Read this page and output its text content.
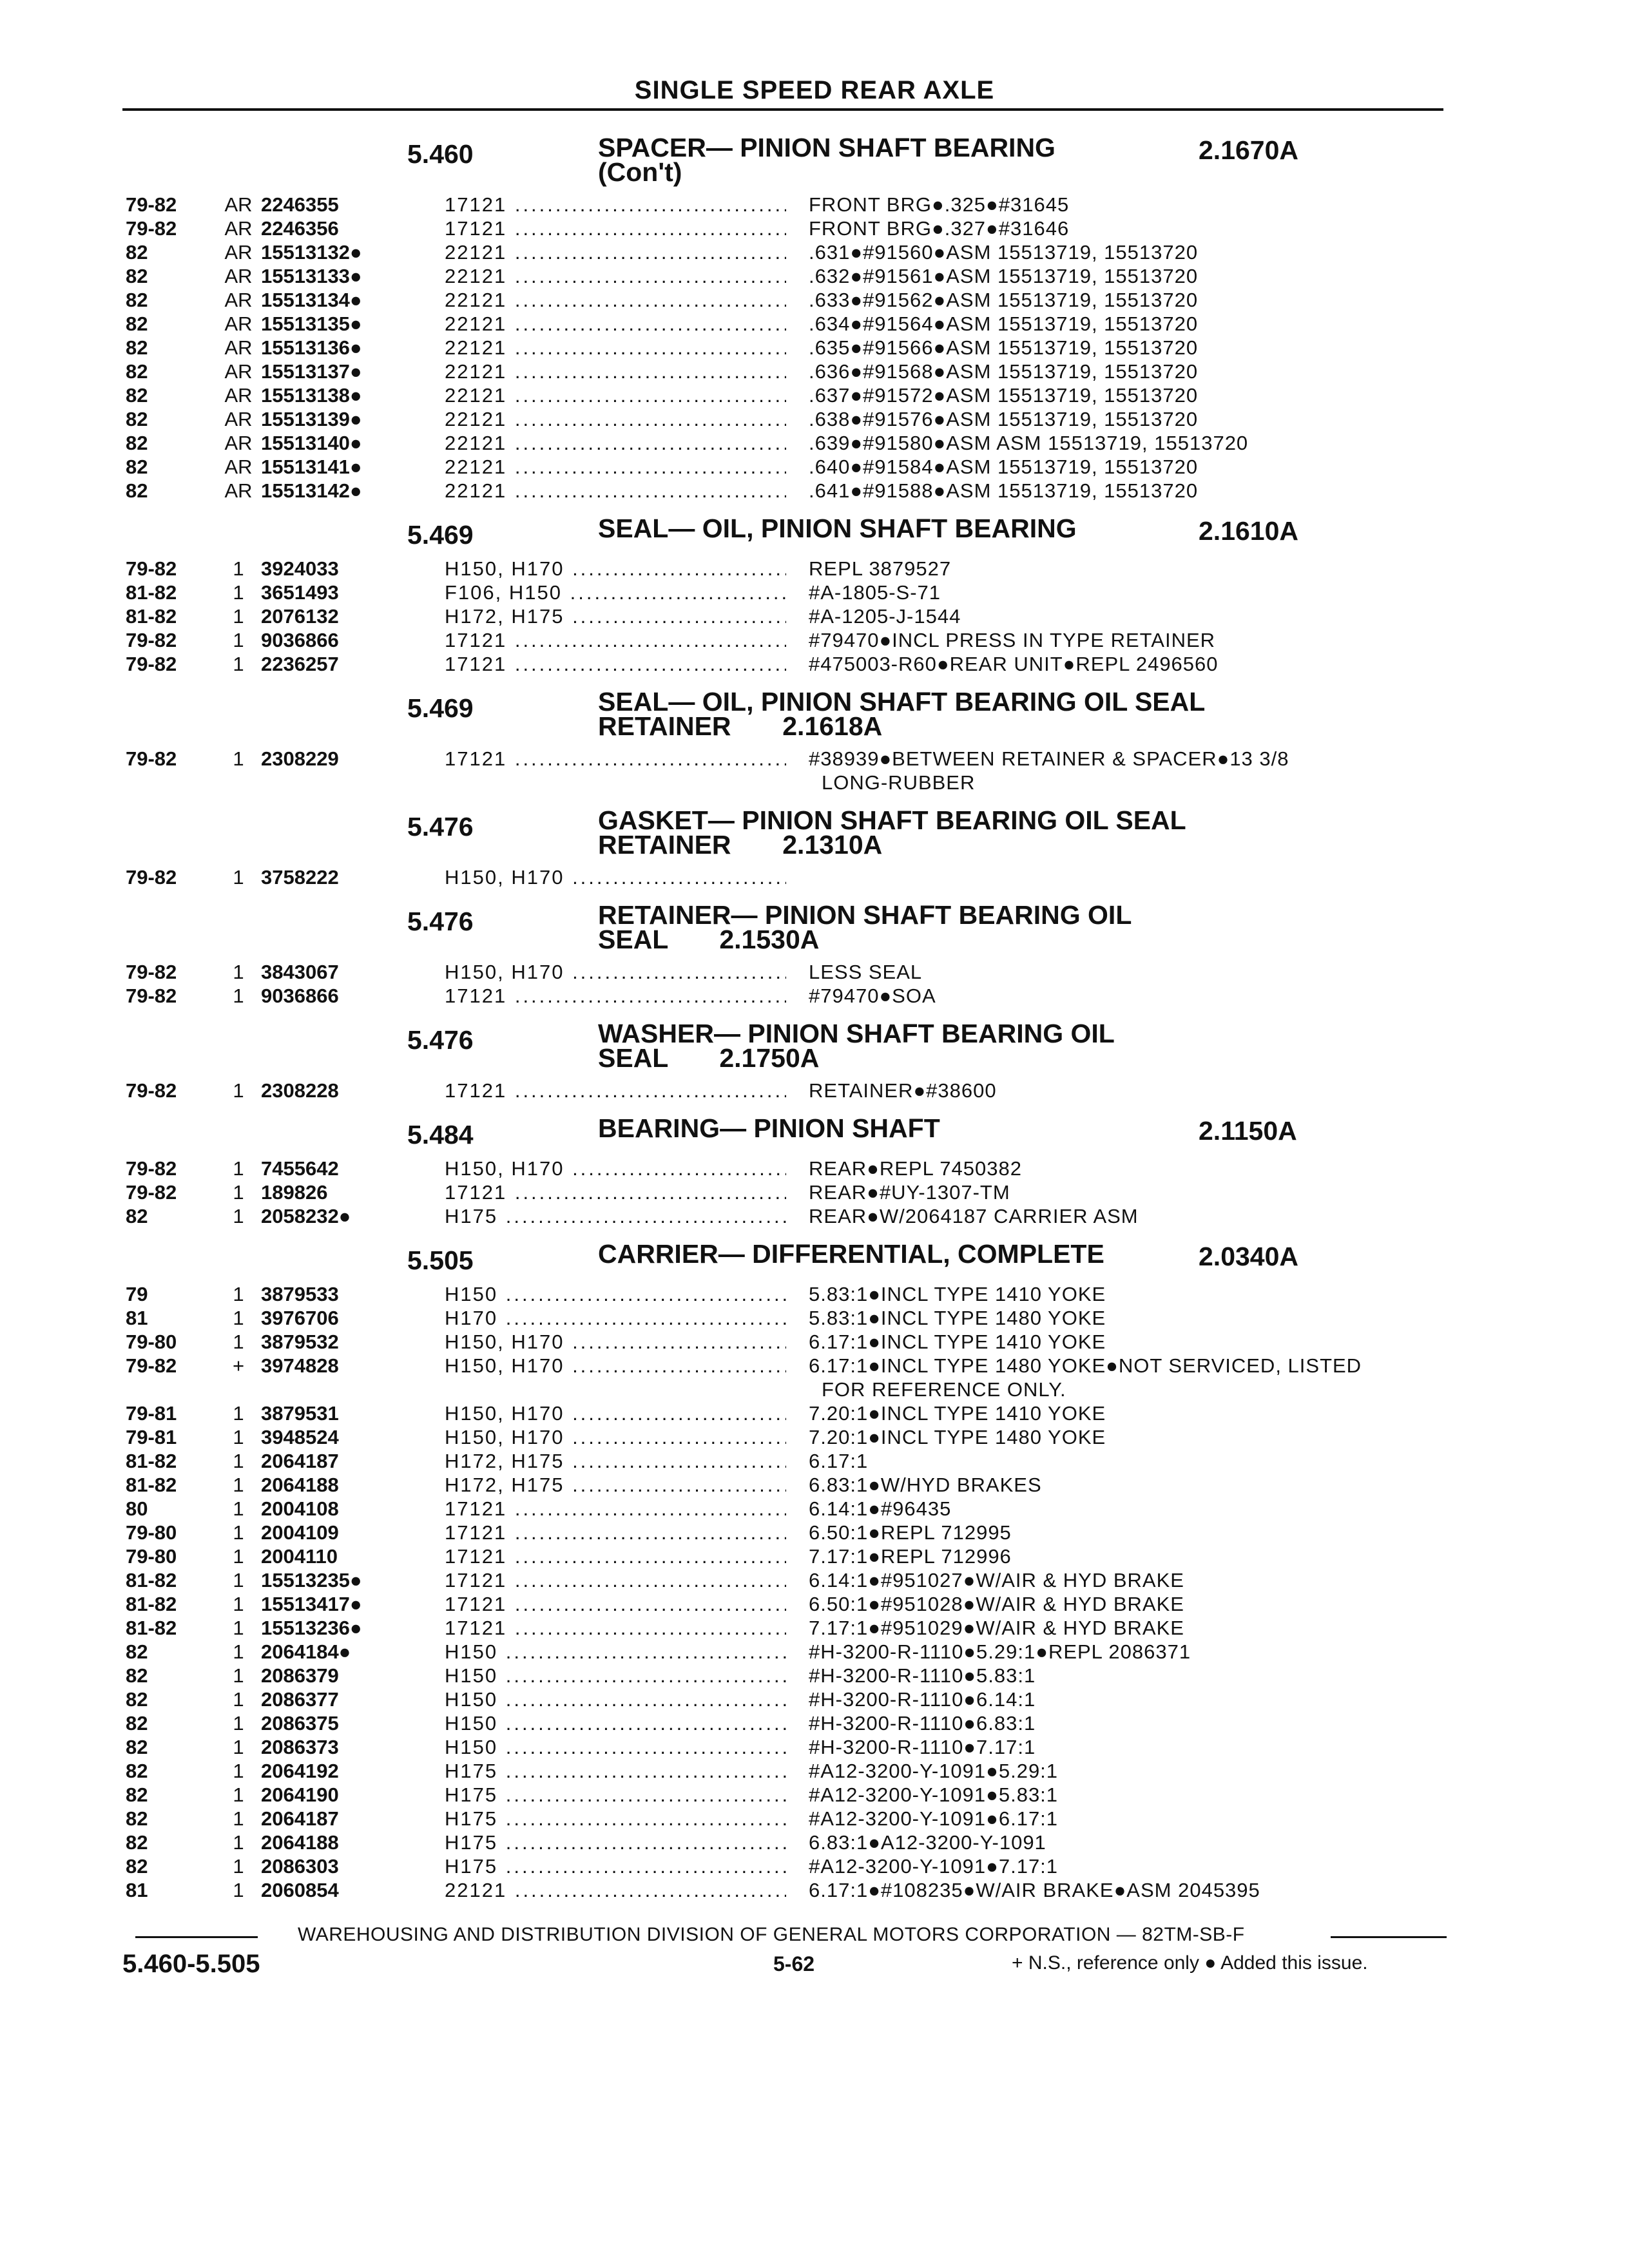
SINGLE SPEED REAR AXLE
5.460	SPACER— PINION SHAFT BEARING
(Con't)
2.1670A
79-82	AR 2246355	17121 .....	FRONT BRG●.325●#31645
79-82	AR 2246356	17121 .....	FRONT BRG●.327●#31646
82	AR 15513132●	22121 .....	.631●#91560●ASM 15513719, 15513720
82	AR 15513133●	22121 .....	.632●#91561●ASM 15513719, 15513720
82	AR 15513134●	22121 .....	.633●#91562●ASM 15513719, 15513720
82	AR 15513135●	22121 .....	.634●#91564●ASM 15513719, 15513720
82	AR 15513136●	22121 .....	.635●#91566●ASM 15513719, 15513720
82	AR 15513137●	22121 .....	.636●#91568●ASM 15513719, 15513720
82	AR 15513138●	22121 .....	.637●#91572●ASM 15513719, 15513720
82	AR 15513139●	22121 .....	.638●#91576●ASM 15513719, 15513720
82	AR 15513140●	22121 .....	.639●#91580●ASM ASM 15513719, 15513720
82	AR 15513141●	22121 .....	.640●#91584●ASM 15513719, 15513720
82	AR 15513142●	22121 .....	.641●#91588●ASM 15513719, 15513720
5.469	SEAL— OIL, PINION SHAFT BEARING	2.1610A
79-82	1 3924033	H150, H170 .....	REPL 3879527
81-82	1 3651493	F106, H150 .....	#A-1805-S-71
81-82	1 2076132	H172, H175 .....	#A-1205-J-1544
79-82	1 9036866	17121 .....	#79470●INCL PRESS IN TYPE RETAINER
79-82	1 2236257	17121 .....	#475003-R60●REAR UNIT●REPL 2496560
5.469	SEAL— OIL, PINION SHAFT BEARING OIL SEAL
RETAINER       2.1618A
79-82	1 2308229	17121 .....	#38939●BETWEEN RETAINER & SPACER●13 3/8
LONG-RUBBER
5.476	GASKET— PINION SHAFT BEARING OIL SEAL
RETAINER       2.1310A
79-82	1 3758222	H150, H170 .....
5.476	RETAINER— PINION SHAFT BEARING OIL
SEAL       2.1530A
79-82	1 3843067	H150, H170 .....	LESS SEAL
79-82	1 9036866	17121 .....	#79470●SOA
5.476	WASHER— PINION SHAFT BEARING OIL
SEAL       2.1750A
79-82	1 2308228	17121 .....	RETAINER●#38600
5.484	BEARING— PINION SHAFT	2.1150A
79-82	1 7455642	H150, H170 .....	REAR●REPL 7450382
79-82	1 189826	17121 .....	REAR●#UY-1307-TM
82	1 2058232●	H175 .....	REAR●W/2064187 CARRIER ASM
5.505	CARRIER— DIFFERENTIAL, COMPLETE	2.0340A
79	1 3879533	H150 .....	5.83:1●INCL TYPE 1410 YOKE
81	1 3976706	H170 .....	5.83:1●INCL TYPE 1480 YOKE
79-80	1 3879532	H150, H170 .....	6.17:1●INCL TYPE 1410 YOKE
79-82	+ 3974828	H150, H170 .....	6.17:1●INCL TYPE 1480 YOKE●NOT SERVICED, LISTED
FOR REFERENCE ONLY.
79-81	1 3879531	H150, H170 .....	7.20:1●INCL TYPE 1410 YOKE
79-81	1 3948524	H150, H170 .....	7.20:1●INCL TYPE 1480 YOKE
81-82	1 2064187	H172, H175 .....	6.17:1
81-82	1 2064188	H172, H175 .....	6.83:1●W/HYD BRAKES
80	1 2004108	17121 .....	6.14:1●#96435
79-80	1 2004109	17121 .....	6.50:1●REPL 712995
79-80	1 2004110	17121 .....	7.17:1●REPL 712996
81-82	1 15513235●	17121 .....	6.14:1●#951027●W/AIR & HYD BRAKE
81-82	1 15513417●	17121 .....	6.50:1●#951028●W/AIR & HYD BRAKE
81-82	1 15513236●	17121 .....	7.17:1●#951029●W/AIR & HYD BRAKE
82	1 2064184●	H150 .....	#H-3200-R-1110●5.29:1●REPL 2086371
82	1 2086379	H150 .....	#H-3200-R-1110●5.83:1
82	1 2086377	H150 .....	#H-3200-R-1110●6.14:1
82	1 2086375	H150 .....	#H-3200-R-1110●6.83:1
82	1 2086373	H150 .....	#H-3200-R-1110●7.17:1
82	1 2064192	H175 .....	#A12-3200-Y-1091●5.29:1
82	1 2064190	H175 .....	#A12-3200-Y-1091●5.83:1
82	1 2064187	H175 .....	#A12-3200-Y-1091●6.17:1
82	1 2064188	H175 .....	6.83:1●A12-3200-Y-1091
82	1 2086303	H175 .....	#A12-3200-Y-1091●7.17:1
81	1 2060854	22121 .....	6.17:1●#108235●W/AIR BRAKE●ASM 2045395
WAREHOUSING AND DISTRIBUTION DIVISION OF GENERAL MOTORS CORPORATION — 82TM-SB-F
5.460-5.505	5-62	+ N.S., reference only ● Added this issue.
